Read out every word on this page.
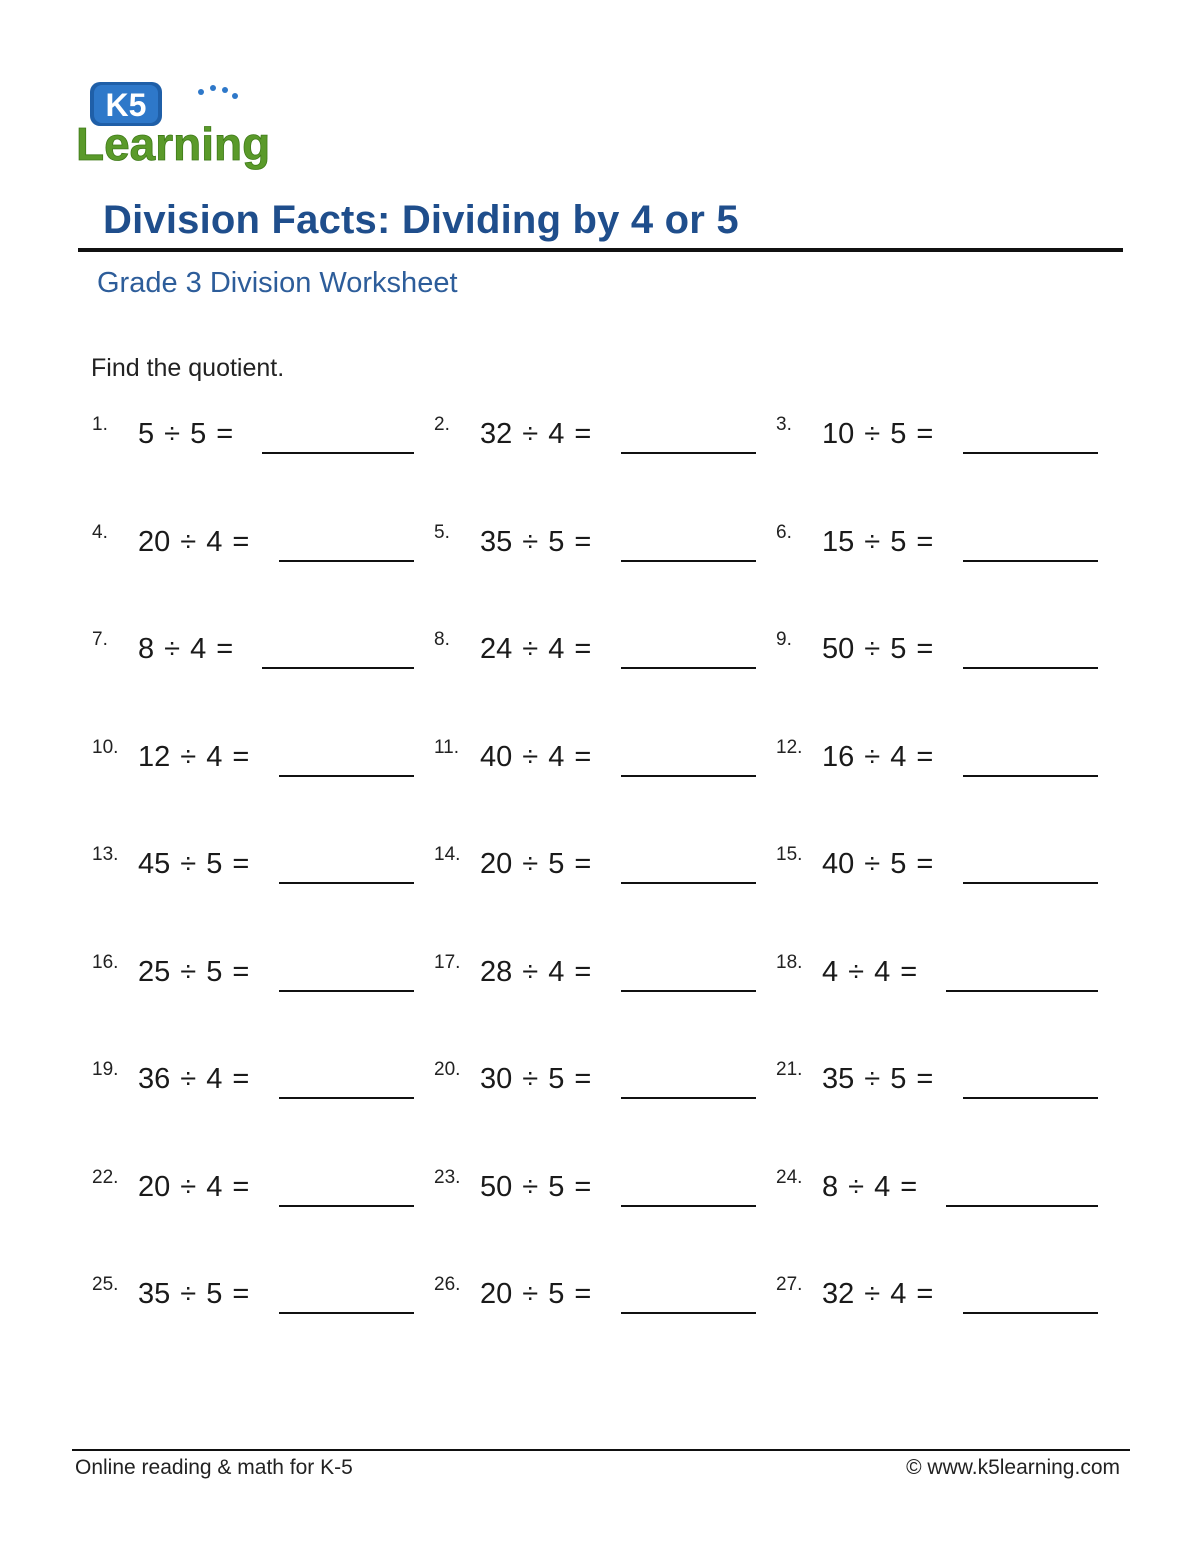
K5
Learning
Division Facts: Dividing by 4 or 5
Grade 3 Division Worksheet
Find the quotient.
1. 5 ÷ 5 =	2. 32 ÷ 4 =	3. 10 ÷ 5 =
4. 20 ÷ 4 =	5. 35 ÷ 5 =	6. 15 ÷ 5 =
7. 8 ÷ 4 =	8. 24 ÷ 4 =	9. 50 ÷ 5 =
10. 12 ÷ 4 =	11. 40 ÷ 4 =	12. 16 ÷ 4 =
13. 45 ÷ 5 =	14. 20 ÷ 5 =	15. 40 ÷ 5 =
16. 25 ÷ 5 =	17. 28 ÷ 4 =	18. 4 ÷ 4 =
19. 36 ÷ 4 =	20. 30 ÷ 5 =	21. 35 ÷ 5 =
22. 20 ÷ 4 =	23. 50 ÷ 5 =	24. 8 ÷ 4 =
25. 35 ÷ 5 =	26. 20 ÷ 5 =	27. 32 ÷ 4 =
Online reading & math for K-5	© www.k5learning.com
